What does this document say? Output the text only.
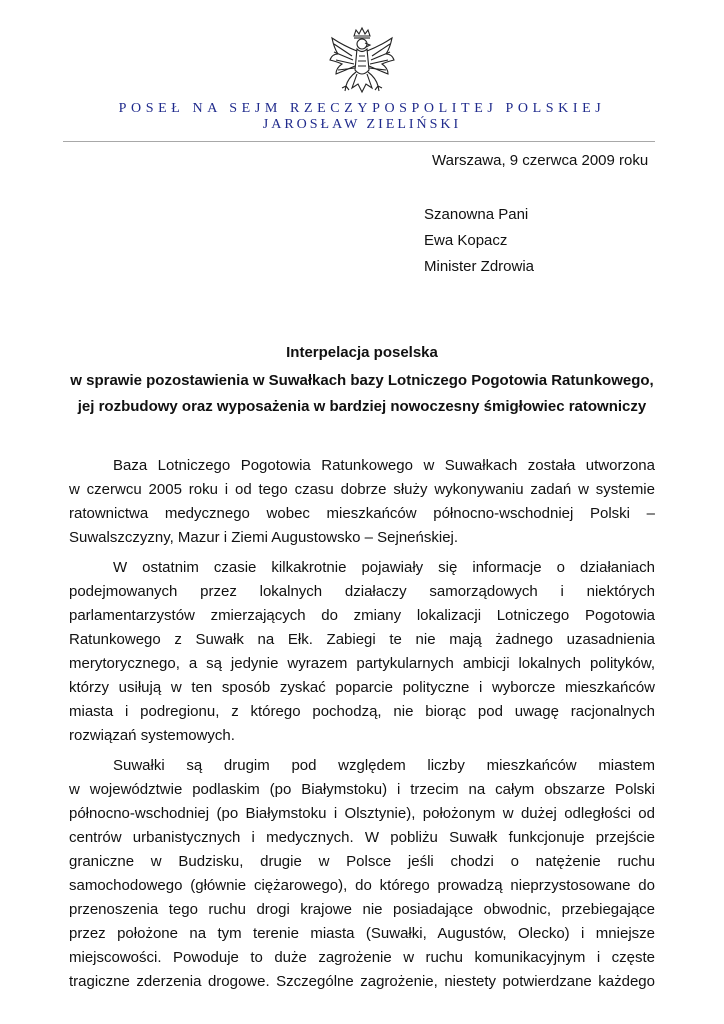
POSEŁ NA SEJM RZECZYPOSPOLITEJ POLSKIEJ
JAROSŁAW ZIELIŃSKI
Warszawa, 9 czerwca 2009 roku
Szanowna Pani
Ewa Kopacz
Minister Zdrowia
Interpelacja poselska
w sprawie pozostawienia w Suwałkach bazy Lotniczego Pogotowia Ratunkowego,
jej rozbudowy oraz wyposażenia w bardziej nowoczesny śmigłowiec ratowniczy
Baza Lotniczego Pogotowia Ratunkowego w Suwałkach została utworzona
w czerwcu 2005 roku i od tego czasu dobrze służy wykonywaniu zadań w systemie
ratownictwa medycznego wobec mieszkańców północno-wschodniej Polski –
Suwalszczyzny, Mazur i Ziemi Augustowsko – Sejneńskiej.
W ostatnim czasie kilkakrotnie pojawiały się informacje o działaniach
podejmowanych przez lokalnych działaczy samorządowych i niektórych
parlamentarzystów zmierzających do zmiany lokalizacji Lotniczego Pogotowia
Ratunkowego z Suwałk na Ełk. Zabiegi te nie mają żadnego uzasadnienia
merytorycznego, a są jedynie wyrazem partykularnych ambicji lokalnych polityków,
którzy usiłują w ten sposób zyskać poparcie polityczne i wyborcze mieszkańców
miasta i podregionu, z którego pochodzą, nie biorąc pod uwagę racjonalnych
rozwiązań systemowych.
Suwałki są drugim pod względem liczby mieszkańców miastem
w województwie podlaskim (po Białymstoku) i trzecim na całym obszarze Polski
północno-wschodniej (po Białymstoku i Olsztynie), położonym w dużej odległości od
centrów urbanistycznych i medycznych. W pobliżu Suwałk funkcjonuje przejście
graniczne w Budzisku, drugie w Polsce jeśli chodzi o natężenie ruchu
samochodowego (głównie ciężarowego), do którego prowadzą nieprzystosowane do
przenoszenia tego ruchu drogi krajowe nie posiadające obwodnic, przebiegające
przez położone na tym terenie miasta (Suwałki, Augustów, Olecko) i mniejsze
miejscowości. Powoduje to duże zagrożenie w ruchu komunikacyjnym i częste
tragiczne zderzenia drogowe. Szczególne zagrożenie, niestety potwierdzane każdego
